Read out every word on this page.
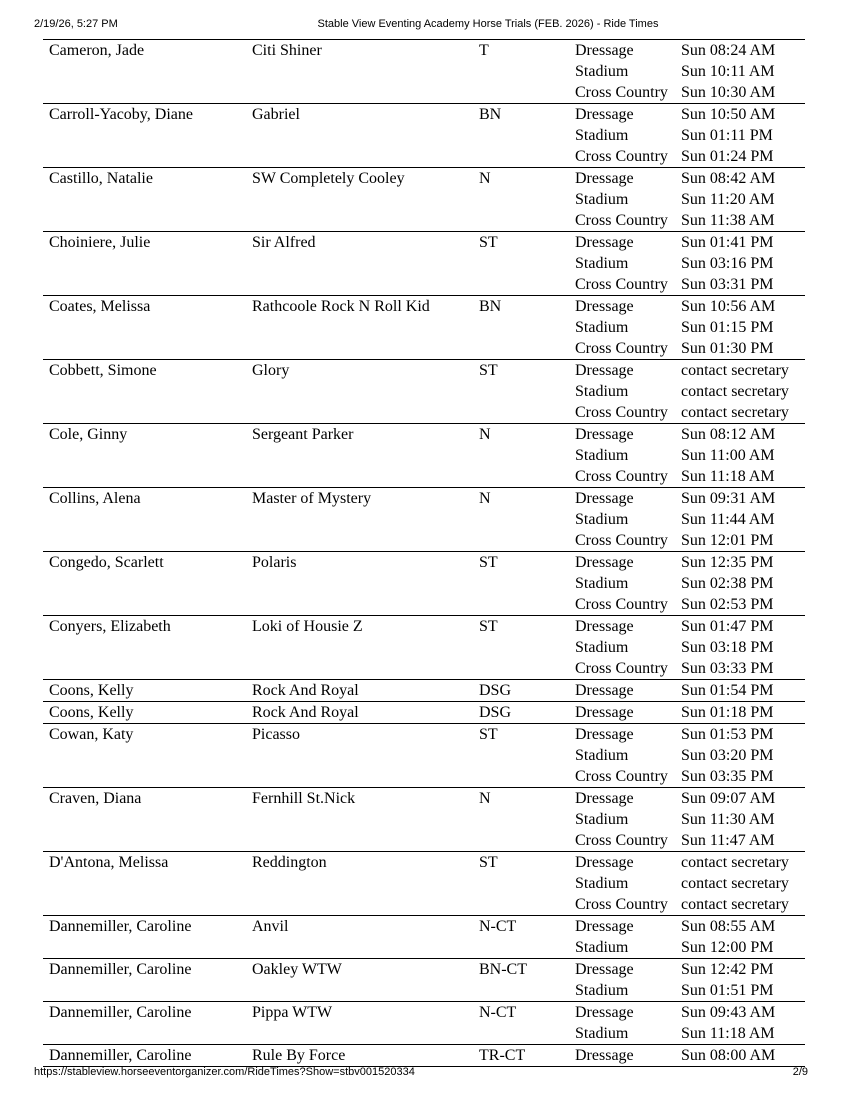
2/19/26, 5:27 PM	Stable View Eventing Academy Horse Trials (FEB. 2026) - Ride Times
Cameron, Jade	Citi Shiner	T	Dressage	Sun 08:24 AM
Stadium	Sun 10:11 AM
Cross Country Sun 10:30 AM
Carroll-Yacoby, Diane	Gabriel	BN	Dressage	Sun 10:50 AM
Stadium	Sun 01:11 PM
Cross Country Sun 01:24 PM
Castillo, Natalie	SW Completely Cooley	N	Dressage	Sun 08:42 AM
Stadium	Sun 11:20 AM
Cross Country Sun 11:38 AM
Choiniere, Julie	Sir Alfred	ST	Dressage	Sun 01:41 PM
Stadium	Sun 03:16 PM
Cross Country Sun 03:31 PM
Coates, Melissa	Rathcoole Rock N Roll Kid	BN	Dressage	Sun 10:56 AM
Stadium	Sun 01:15 PM
Cross Country Sun 01:30 PM
Cobbett, Simone	Glory	ST	Dressage	contact secretary
Stadium	contact secretary
Cross Country contact secretary
Cole, Ginny	Sergeant Parker	N	Dressage	Sun 08:12 AM
Stadium	Sun 11:00 AM
Cross Country Sun 11:18 AM
Collins, Alena	Master of Mystery	N	Dressage	Sun 09:31 AM
Stadium	Sun 11:44 AM
Cross Country Sun 12:01 PM
Congedo, Scarlett	Polaris	ST	Dressage	Sun 12:35 PM
Stadium	Sun 02:38 PM
Cross Country Sun 02:53 PM
Conyers, Elizabeth	Loki of Housie Z	ST	Dressage	Sun 01:47 PM
Stadium	Sun 03:18 PM
Cross Country Sun 03:33 PM
Coons, Kelly	Rock And Royal	DSG	Dressage	Sun 01:54 PM
Coons, Kelly	Rock And Royal	DSG	Dressage	Sun 01:18 PM
Cowan, Katy	Picasso	ST	Dressage	Sun 01:53 PM
Stadium	Sun 03:20 PM
Cross Country Sun 03:35 PM
Craven, Diana	Fernhill St.Nick	N	Dressage	Sun 09:07 AM
Stadium	Sun 11:30 AM
Cross Country Sun 11:47 AM
D'Antona, Melissa	Reddington	ST	Dressage	contact secretary
Stadium	contact secretary
Cross Country contact secretary
Dannemiller, Caroline	Anvil	N-CT	Dressage	Sun 08:55 AM
Stadium	Sun 12:00 PM
Dannemiller, Caroline	Oakley WTW	BN-CT	Dressage	Sun 12:42 PM
Stadium	Sun 01:51 PM
Dannemiller, Caroline	Pippa WTW	N-CT	Dressage	Sun 09:43 AM
Stadium	Sun 11:18 AM
Dannemiller, Caroline	Rule By Force	TR-CT	Dressage	Sun 08:00 AM
https://stableview.horseeventorganizer.com/RideTimes?Show=stbv001520334	2/9
